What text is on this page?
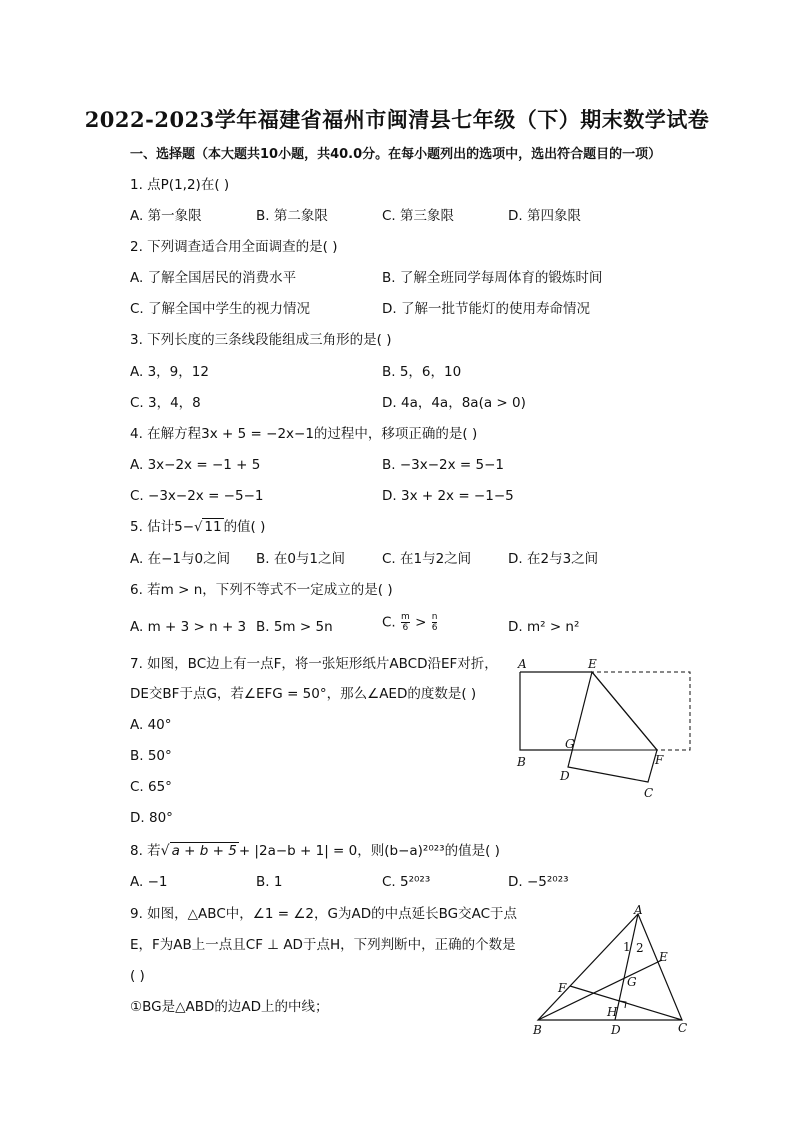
2022-2023学年福建省福州市闽清县七年级（下）期末数学试卷
一、选择题（本大题共10小题，共40.0分。在每小题列出的选项中，选出符合题目的一项）
1. 点P(1,2)在( )
A. 第一象限	B. 第二象限	C. 第三象限	D. 第四象限
2. 下列调查适合用全面调查的是( )
A. 了解全国居民的消费水平	B. 了解全班同学每周体育的锻炼时间
C. 了解全国中学生的视力情况	D. 了解一批节能灯的使用寿命情况
3. 下列长度的三条线段能组成三角形的是( )
A. 3，9，12	B. 5，6，10
C. 3，4，8	D. 4a，4a，8a(a > 0)
4. 在解方程3x + 5 = −2x−1的过程中，移项正确的是( )
A. 3x−2x = −1 + 5	B. −3x−2x = 5−1
C. −3x−2x = −5−1	D. 3x + 2x = −1−5
5. 估计5−√ 11 的值( )
A. 在−1与0之间 B. 在0与1之间	C. 在1与2之间	D. 在2与3之间
6. 若m > n，下列不等式不一定成立的是( )
A. m + 3 > n + 3 B. 5m > 5n	C. $\frac{m}{6} > \frac{n}{6}$	D. m² > n²
7. 如图，BC边上有一点F，将一张矩形纸片ABCD沿EF对折，
DE交BF于点G，若∠EFG = 50°，那么∠AED的度数是( )
A. 40°
B. 50°
C. 65°
D. 80°
A	E
G
B
D
F
C
8. 若√ a + b + 5 + |2a−b + 1| = 0，则(b−a)²⁰²³的值是( )
A. −1	B. 1	C. 5²⁰²³	D. −5²⁰²³
9. 如图，△ABC中，∠1 = ∠2，G为AD的中点延长BG交AC于点
E，F为AB上一点且CF ⊥ AD于点H，下列判断中，正确的个数是
( )
①BG是△ABD的边AD上的中线；
A
1 2
E
F	G
H
B	D	C
